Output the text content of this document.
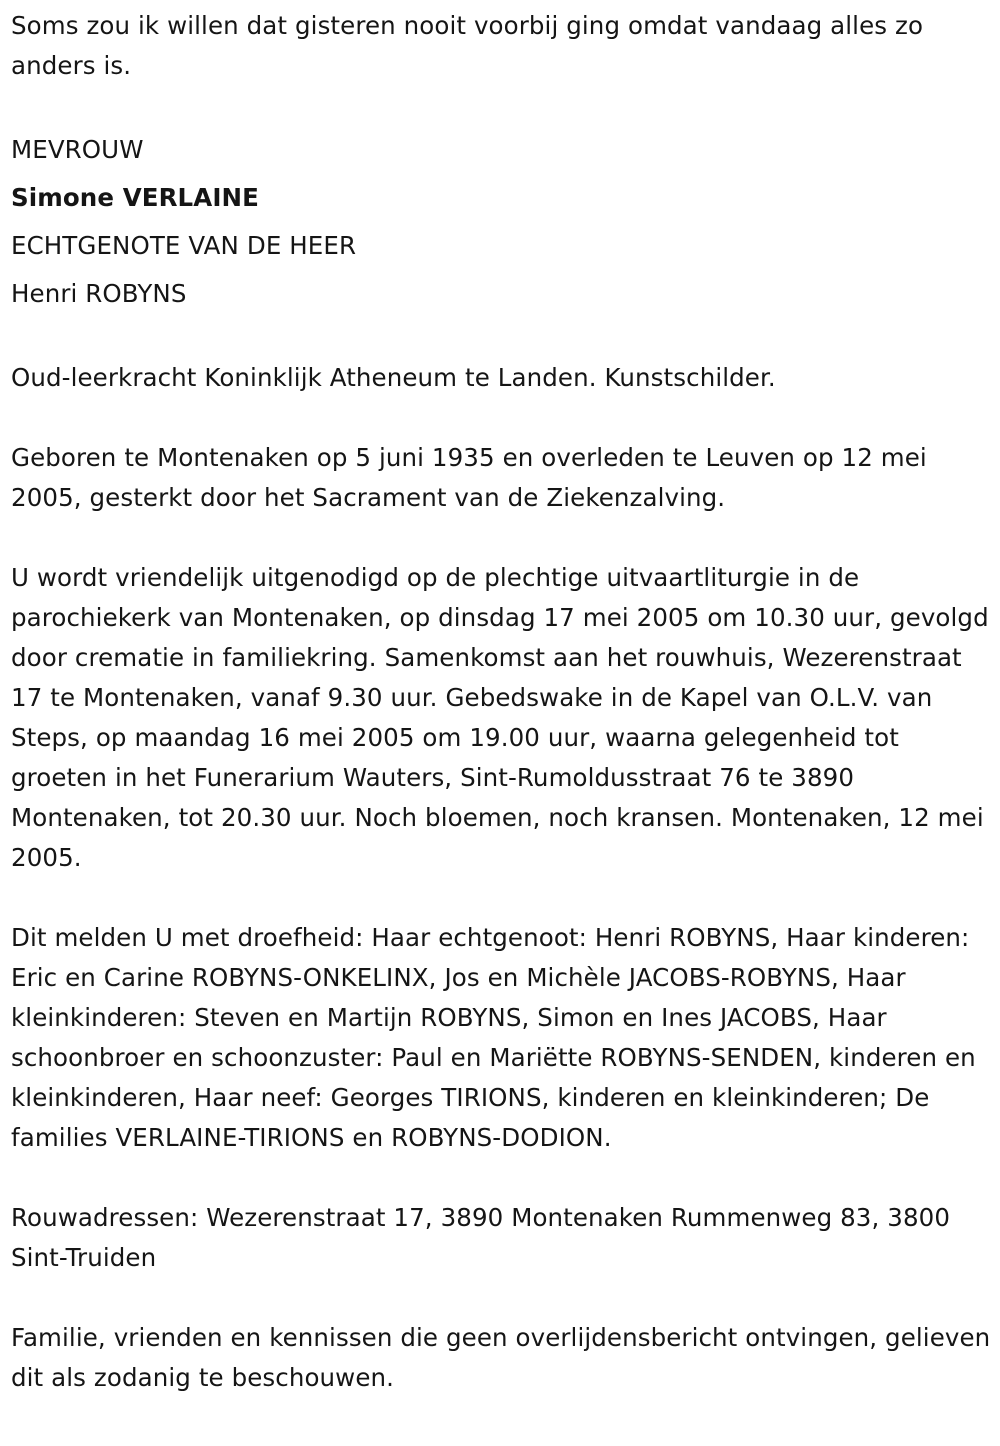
Soms zou ik willen dat gisteren nooit voorbij ging omdat vandaag alles zo anders is.

MEVROUW

Simone VERLAINE

ECHTGENOTE VAN DE HEER

Henri ROBYNS

Oud-leerkracht Koninklijk Atheneum te Landen. Kunstschilder.

Geboren te Montenaken op 5 juni 1935 en overleden te Leuven op 12 mei 2005, gesterkt door het Sacrament van de Ziekenzalving.

U wordt vriendelijk uitgenodigd op de plechtige uitvaartliturgie in de parochiekerk van Montenaken, op dinsdag 17 mei 2005 om 10.30 uur, gevolgd door crematie in familiekring. Samenkomst aan het rouwhuis, Wezerenstraat 17 te Montenaken, vanaf 9.30 uur. Gebedswake in de Kapel van O.L.V. van Steps, op maandag 16 mei 2005 om 19.00 uur, waarna gelegenheid tot groeten in het Funerarium Wauters, Sint-Rumoldusstraat 76 te 3890 Montenaken, tot 20.30 uur. Noch bloemen, noch kransen. Montenaken, 12 mei 2005.

Dit melden U met droefheid: Haar echtgenoot: Henri ROBYNS, Haar kinderen: Eric en Carine ROBYNS-ONKELINX, Jos en Michèle JACOBS-ROBYNS, Haar kleinkinderen: Steven en Martijn ROBYNS, Simon en Ines JACOBS, Haar schoonbroer en schoonzuster: Paul en Mariëtte ROBYNS-SENDEN, kinderen en kleinkinderen, Haar neef: Georges TIRIONS, kinderen en kleinkinderen; De families VERLAINE-TIRIONS en ROBYNS-DODION.

Rouwadressen: Wezerenstraat 17, 3890 Montenaken Rummenweg 83, 3800 Sint-Truiden

Familie, vrienden en kennissen die geen overlijdensbericht ontvingen, gelieven dit als zodanig te beschouwen.
